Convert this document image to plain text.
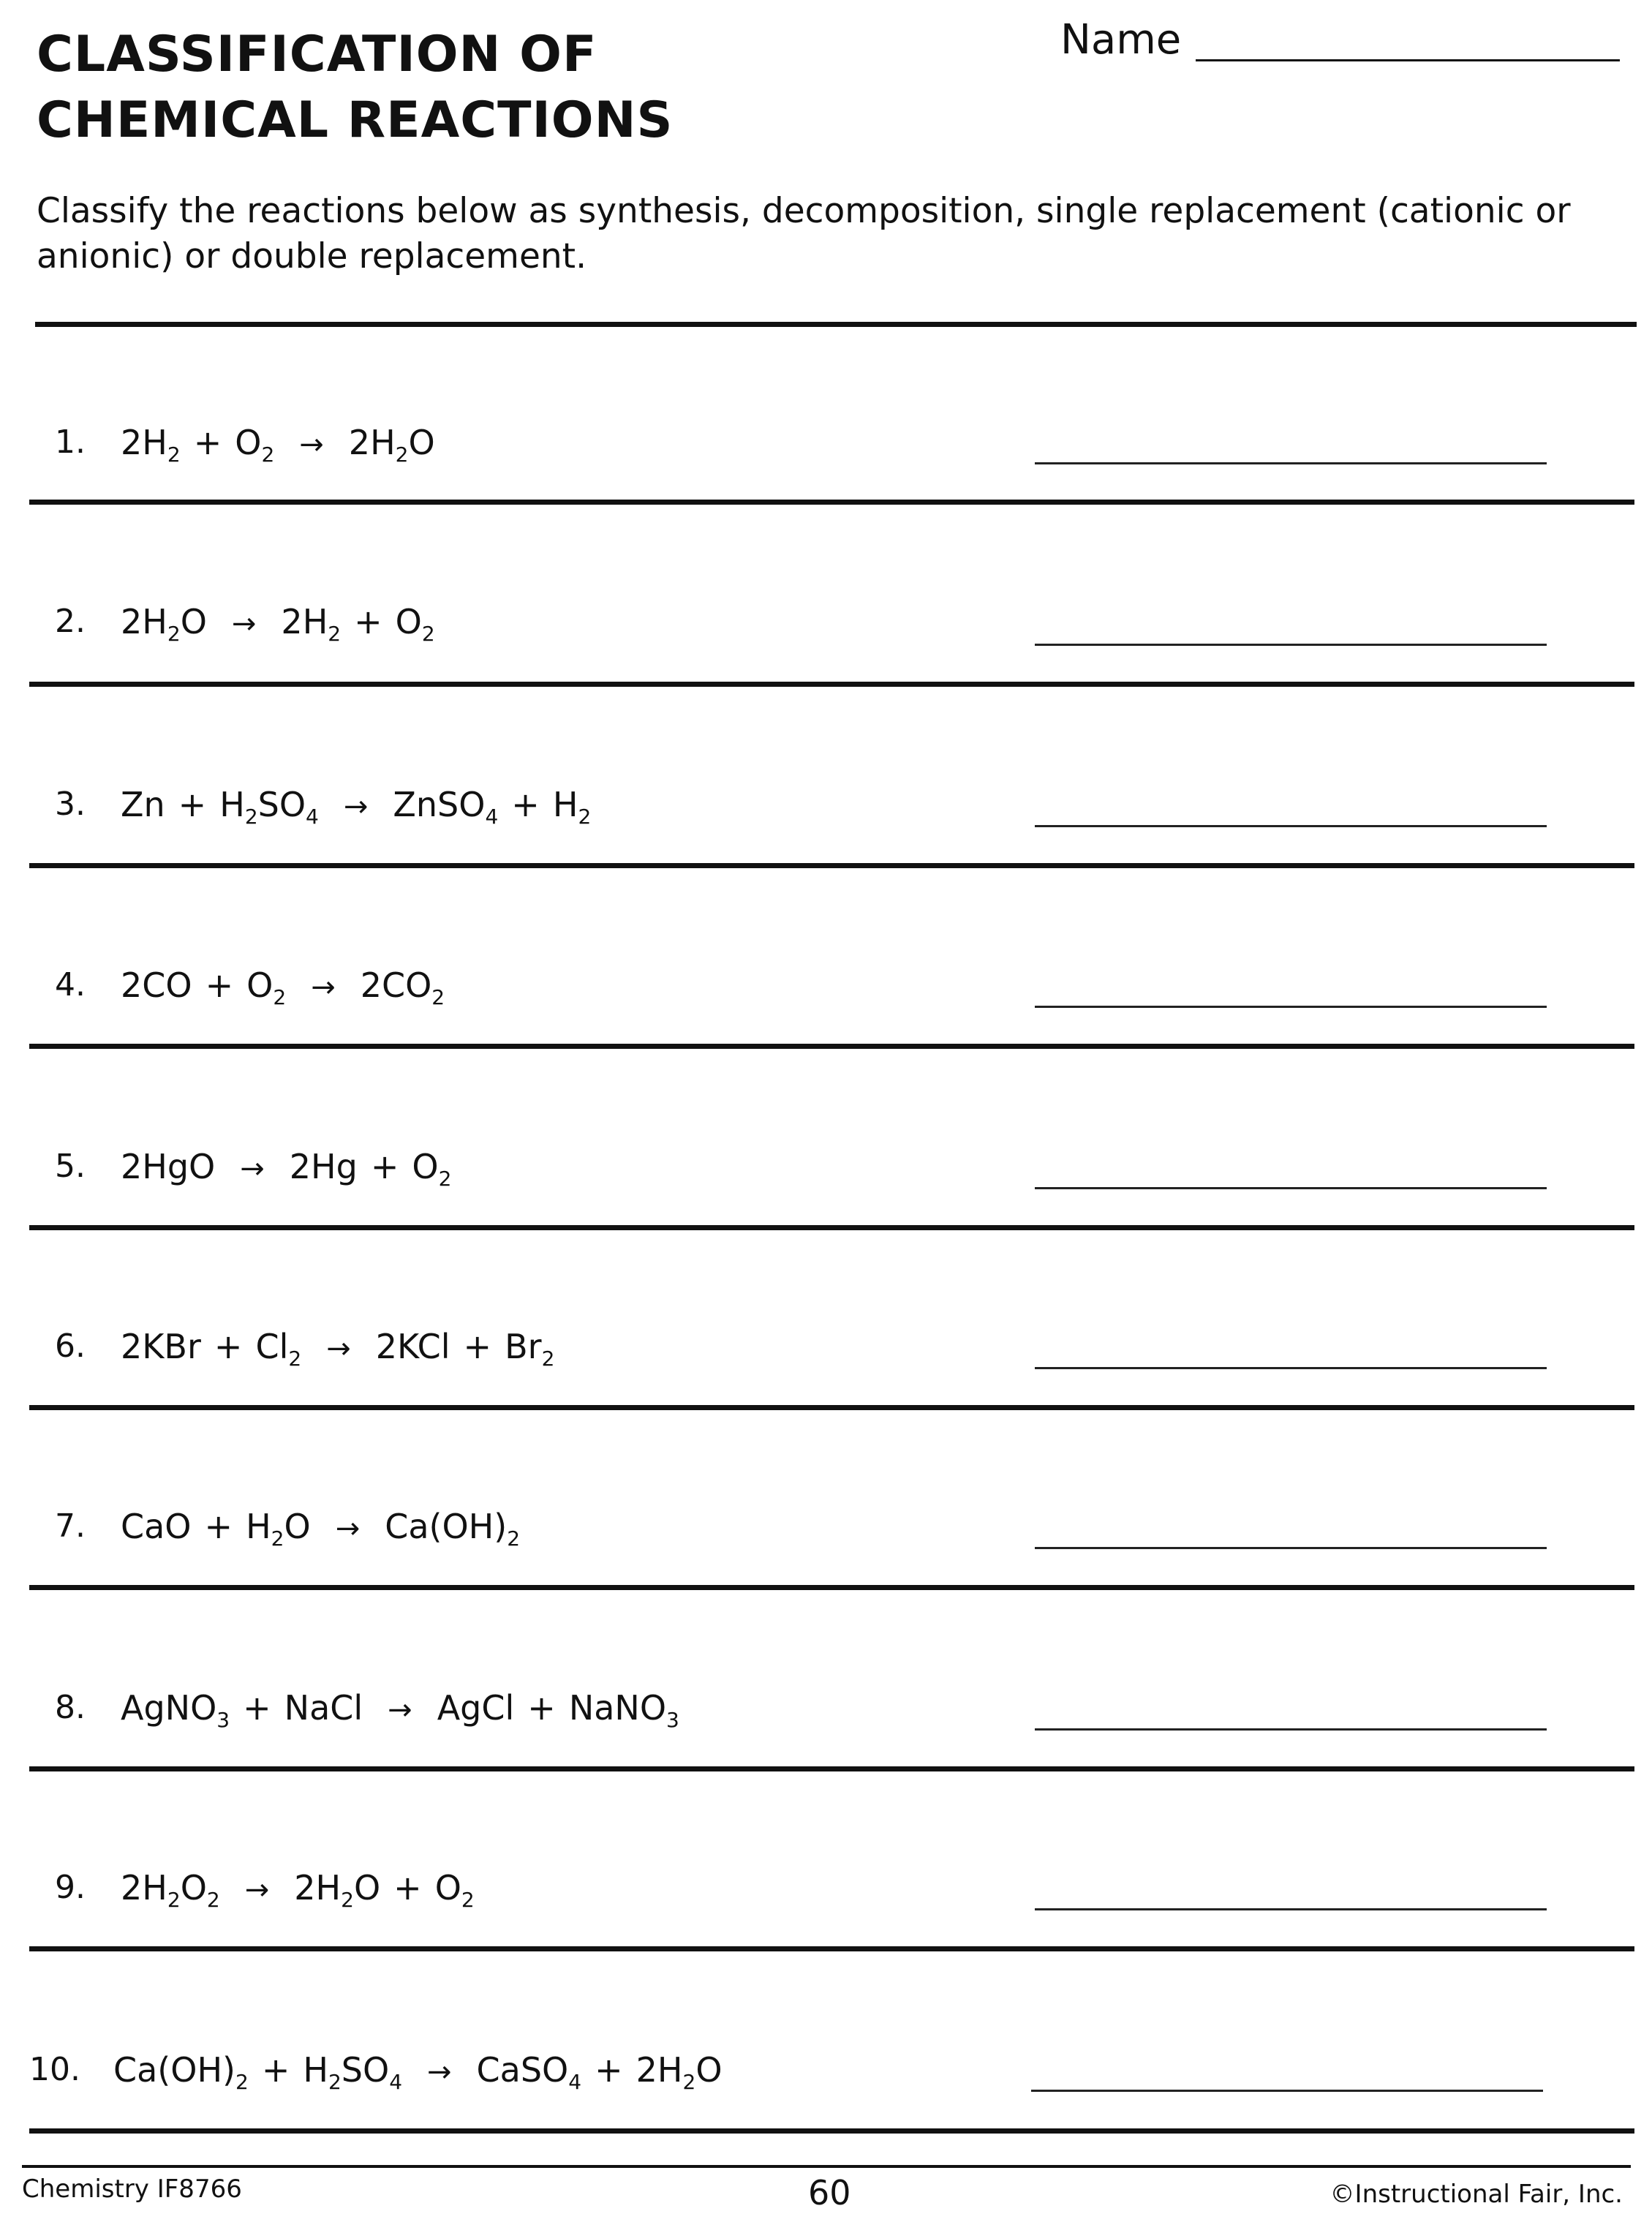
CLASSIFICATION OF
CHEMICAL REACTIONS
Name
Classify the reactions below as synthesis, decomposition, single replacement (cationic or anionic) or double replacement.
1. $2H_2 + O_2 \to 2H_2O$
2. $2H_2O \to 2H_2 + O_2$
3. $Zn + H_2SO_4$ → ZnSO$_4$ + $H_2$
4. $2CO + O_2 \to 2CO_2$
5. $2HgO \to 2Hg + O_2$
6. $2KBr + Cl_2 \to 2KCl + Br_2$
7. CaO + $H_2O \to Ca(OH)_2$
8. AgNO$_3$ + NaCl → AgCl + NaNO$_3$
9. $2H_2O_2 \to 2H_2O + O_2$
10. $Ca(OH)_2 + H_2SO_4$ → CaSO$_4$ + $2H_2O$
Chemistry IF8766	60	©Instructional Fair, Inc.
